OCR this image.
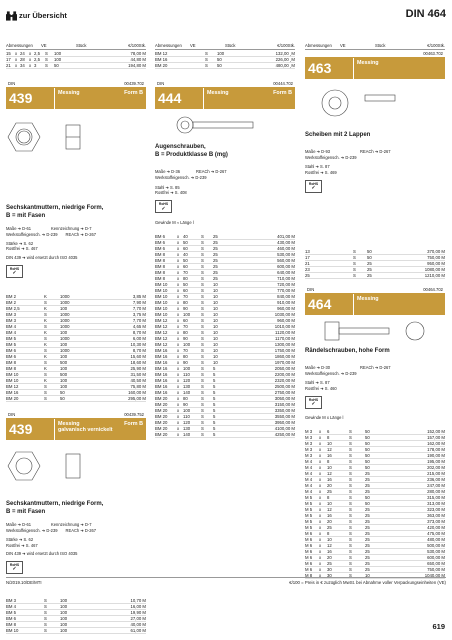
zur Übersicht	DIN 464
Abmessungen	VE	Stück	€/100Stk.
15 x 24 x 2,5	S	100	78,00 M
17 x 28 x 2,5	S	100	44,80 M
21 x 34 x 3	S	50	194,80 M
DIN	00439.702
439	Messing	Form B
Sechskantmuttern, niedrige Form,
B = mit Fasen
Maße ➔ D-61	Kennzeichnung ➔ D-7
Werkstoffeigensch. ➔ D-239 REACh ➔ D-267
Stärke ➔ S. 62
Rostfrei ➔ S. 467
DIN 439 ➔ wird ersetzt durch ISO 4035
RoHS
✓
BM 2	K	1000	3,85 M
BM 2	S	1000	7,90 M
BM 2,5	K	100	7,70 M
BM 3	S	1000	3,75 M
BM 3	K	1000	7,70 M
BM 4	S	1000	4,65 M
BM 4	K	100	8,70 M
BM 5	S	1000	6,00 M
BM 5	K	100	10,30 M
BM 6	S	1000	8,70 M
BM 6	K	100	15,60 M
BM 8	S	500	18,60 M
BM 8	K	100	25,90 M
BM 10	S	500	31,50 M
BM 10	K	100	40,50 M
BM 12	S	100	75,80 M
BM 16	S	50	160,00 M
BM 20	S	50	295,00 M
DIN	00439.752
439	Messing	Form B
galvanisch vernickelt
Sechskantmuttern, niedrige Form,
B = mit Fasen
Maße ➔ D-61	Kennzeichnung ➔ D-7
Werkstoffeigensch. ➔ D-239 REACh ➔ D-267
Stärke ➔ S. 62
Rostfrei ➔ S. 467
DIN 439 ➔ wird ersetzt durch ISO 4035
RoHS
✓
BM 3	S	100	10,70 M
BM 4	S	100	16,00 M
BM 5	S	100	19,90 M
BM 6	S	100	27,00 M
BM 8	S	100	40,00 M
BM 10	S	100	61,00 M
Abmessungen	VE	Stück	€/100Stk.
BM 12	S	100	132,00 ¸M
BM 16	S	50	226,00 ¸M
BM 20	S	50	480,00 ¸M
DIN	00444.702
444	Messing	Form B
Augenschrauben,
B = Produktklasse B (mg)
Maße ➔ D-36	REACh ➔ D-267
Werkstoffeigensch. ➔ D-239
Stahl ➔ S. 85
Rostfrei ➔ S. 408
RoHS
✓
Gewinde M ≈ Länge l
BM 6	x 40	S	25	401,00 M
BM 6	x 50	S	25	430,00 M
BM 6	x 60	S	25	460,00 M
BM 8	x 40	S	25	530,00 M
BM 8	x 50	S	25	560,00 M
BM 8	x 60	S	25	600,00 M
BM 8	x 70	S	25	640,00 M
BM 8	x 80	S	25	710,00 M
BM 10	x 50	S	10	720,00 M
BM 10	x 60	S	10	770,00 M
BM 10	x 70	S	10	840,00 M
BM 10	x 80	S	10	910,00 M
BM 10	x 90	S	10	960,00 M
BM 10	x 100	S	10	1030,00 M
BM 12	x 60	S	10	960,00 M
BM 12	x 70	S	10	1010,00 M
BM 12	x 80	S	10	1120,00 M
BM 12	x 90	S	10	1170,00 M
BM 12	x 100	S	10	1300,00 M
BM 16	x 70	S	10	1750,00 M
BM 16	x 80	S	10	1860,00 M
BM 16	x 90	S	10	1970,00 M
BM 16	x 100	S	5	2050,00 M
BM 16	x 110	S	5	2200,00 M
BM 16	x 120	S	5	2320,00 M
BM 16	x 130	S	5	2500,00 M
BM 16	x 140	S	5	2750,00 M
BM 20	x 80	S	5	3050,00 M
BM 20	x 90	S	5	3150,00 M
BM 20	x 100	S	5	3350,00 M
BM 20	x 110	S	5	3550,00 M
BM 20	x 120	S	5	3950,00 M
BM 20	x 130	S	5	4100,00 M
BM 20	x 140	S	5	4250,00 M
Abmessungen	VE	Stück	€/100Stk.
00463.702
463	Messing
Scheiben mit 2 Lappen
Maße ➔ D-93	REACh ➔ D-267
Werkstoffeigensch. ➔ D-239
Stahl ➔ S. 87
Rostfrei ➔ S. 469
RoHS
✓
13	S	50	370,00 M
17	S	50	750,00 M
21	S	25	950,00 M
23	S	25	1080,00 M
25	S	25	1210,00 M
DIN	00464.702
464	Messing
Rändelschrauben, hohe Form
Maße ➔ D-30	REACh ➔ D-267
Werkstoffeigensch. ➔ D-239
Stahl ➔ S. 87
Rostfrei ➔ S. 460
RoHS
✓
Gewinde M x Länge l
M 3	x	6	S	50	152,00 M
M 3	x	8	S	50	157,00 M
M 3	x	10	S	50	162,00 M
M 3	x	12	S	50	178,00 M
M 3	x	16	S	50	190,00 M
M 4	x	8	S	50	195,00 M
M 4	x	10	S	50	202,00 M
M 4	x	12	S	25	215,00 M
M 4	x	16	S	25	236,00 M
M 4	x	20	S	25	247,00 M
M 4	x	25	S	25	280,00 M
M 5	x	8	S	50	315,00 M
M 5	x	10	S	50	313,00 M
M 5	x	12	S	25	323,00 M
M 5	x	16	S	25	363,00 M
M 5	x	20	S	25	373,00 M
M 5	x	25	S	25	420,00 M
M 6	x	8	S	25	475,00 M
M 6	x	10	S	25	480,00 M
M 6	x	12	S	25	500,00 M
M 6	x	16	S	25	530,00 M
M 6	x	20	S	25	600,00 M
M 6	x	25	S	25	650,00 M
M 6	x	30	S	25	750,00 M
M 8	x	30	S	10	1040,00 M
N/2019.10/DE/MTI	€/100 = Preis in € zuzüglich MwSt. bei Abnahme voller Verpackungseinheiten (VE)
619
